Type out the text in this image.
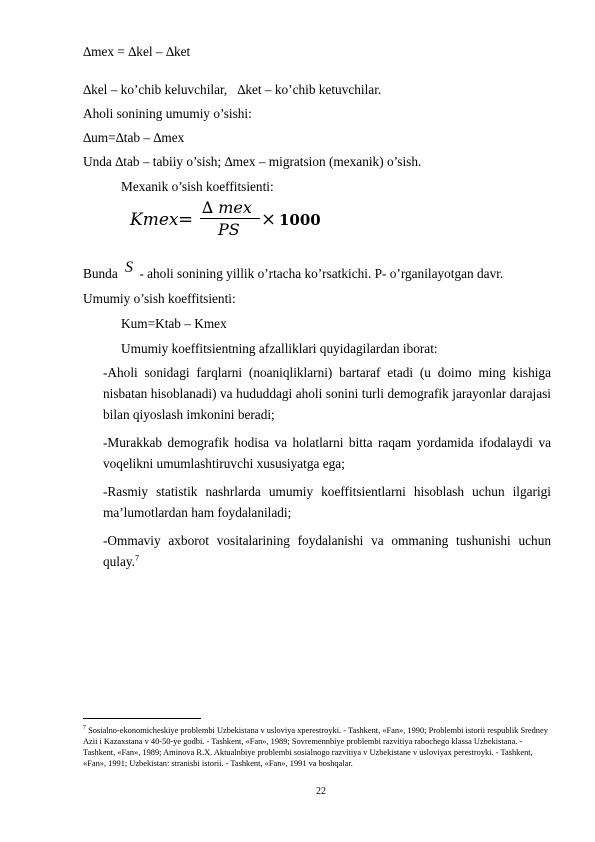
∆mex = ∆kel – ∆ket
∆kel – ko’chib keluvchilar,   ∆ket – ko’chib ketuvchilar.
Aholi sonining umumiy o’sishi:
∆um=∆tab – ∆mex
Unda ∆tab – tabiiy o’sish; ∆mex – migratsion (mexanik) o’sish.
Mexanik o’sish koeffitsienti:
Kmex =
∆ mex
PS × 1000
Bunda S - aholi sonining yillik o’rtacha ko’rsatkichi. P- o’rganilayotgan davr.
Umumiy o’sish koeffitsienti:
Kum=Ktab – Kmex
Umumiy koeffitsientning afzalliklari quyidagilardan iborat:
-Aholi sonidagi farqlarni (noaniqliklarni) bartaraf etadi (u doimo ming kishiga nisbatan hisoblanadi) va hududdagi aholi sonini turli demografik jarayonlar darajasi bilan qiyoslash imkonini beradi;
-Murakkab demografik hodisa va holatlarni bitta raqam yordamida ifodalaydi va voqelikni umumlashtiruvchi xususiyatga ega;
-Rasmiy statistik nashrlarda umumiy koeffitsientlarni hisoblash uchun ilgarigi ma’lumotlardan ham foydalaniladi;
-Ommaviy axborot vositalarining foydalanishi va ommaning tushunishi uchun qulay.$^7$
$^7$ Sosialno-ekonomicheskiye problembi Uzbekistana v usloviya xperestroyki. - Tashkent, «Fan», 1990; Problembi istorii respublik Sredney Azii i Kazaxstana v 40-50-ye godbi. - Tashkent, «Fan», 1989; Sovremennbiye problembi razvitiya rabochego klassa Uzbekistana. - Tashkent, «Fan», 1989; Aminova R.X. Aktualnbiye problembi sosialnogo razvitiya v Uzbekistane v usloviyax perestroyki. - Tashkent, «Fan», 1991; Uzbekistan: stranisbi istorii. - Tashkent, «Fan», 1991 va boshqalar.
22
